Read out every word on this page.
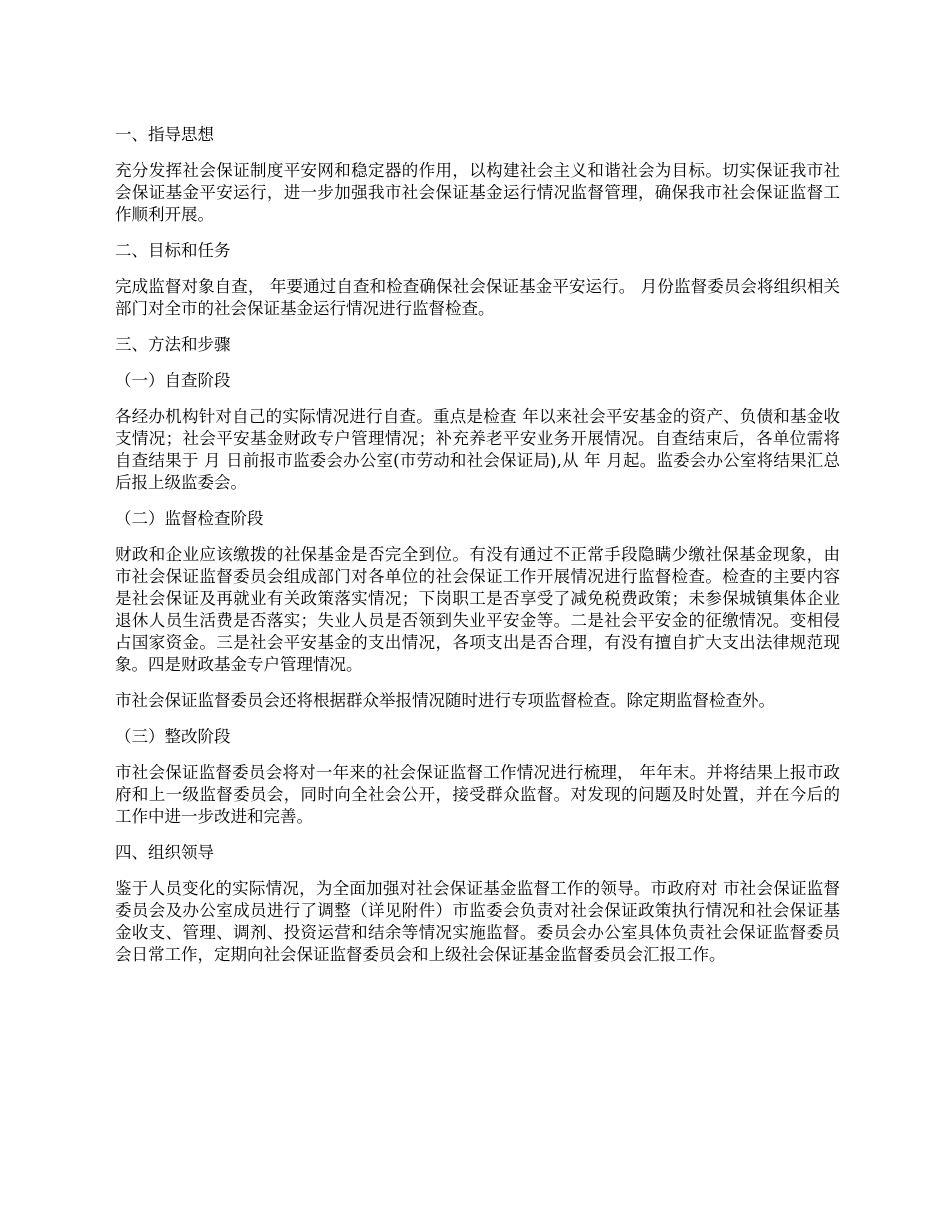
一、指导思想
充分发挥社会保证制度平安网和稳定器的作用，以构建社会主义和谐社会为目标。切实保证我市社会保证基金平安运行，进一步加强我市社会保证基金运行情况监督管理，确保我市社会保证监督工作顺利开展。
二、目标和任务
完成监督对象自查， 年要通过自查和检查确保社会保证基金平安运行。 月份监督委员会将组织相关部门对全市的社会保证基金运行情况进行监督检查。
三、方法和步骤
（一）自查阶段
各经办机构针对自己的实际情况进行自查。重点是检查 年以来社会平安基金的资产、负债和基金收支情况；社会平安基金财政专户管理情况；补充养老平安业务开展情况。自查结束后，各单位需将自查结果于 月 日前报市监委会办公室(市劳动和社会保证局),从 年 月起。监委会办公室将结果汇总后报上级监委会。
（二）监督检查阶段
财政和企业应该缴拨的社保基金是否完全到位。有没有通过不正常手段隐瞒少缴社保基金现象，由 市社会保证监督委员会组成部门对各单位的社会保证工作开展情况进行监督检查。检查的主要内容是社会保证及再就业有关政策落实情况；下岗职工是否享受了减免税费政策；未参保城镇集体企业退休人员生活费是否落实；失业人员是否领到失业平安金等。二是社会平安金的征缴情况。变相侵占国家资金。三是社会平安基金的支出情况，各项支出是否合理，有没有擅自扩大支出法律规范现象。四是财政基金专户管理情况。
市社会保证监督委员会还将根据群众举报情况随时进行专项监督检查。除定期监督检查外。
（三）整改阶段
市社会保证监督委员会将对一年来的社会保证监督工作情况进行梳理， 年年末。并将结果上报市政府和上一级监督委员会，同时向全社会公开，接受群众监督。对发现的问题及时处置，并在今后的工作中进一步改进和完善。
四、组织领导
鉴于人员变化的实际情况，为全面加强对社会保证基金监督工作的领导。市政府对 市社会保证监督委员会及办公室成员进行了调整（详见附件）市监委会负责对社会保证政策执行情况和社会保证基金收支、管理、调剂、投资运营和结余等情况实施监督。委员会办公室具体负责社会保证监督委员会日常工作，定期向社会保证监督委员会和上级社会保证基金监督委员会汇报工作。
